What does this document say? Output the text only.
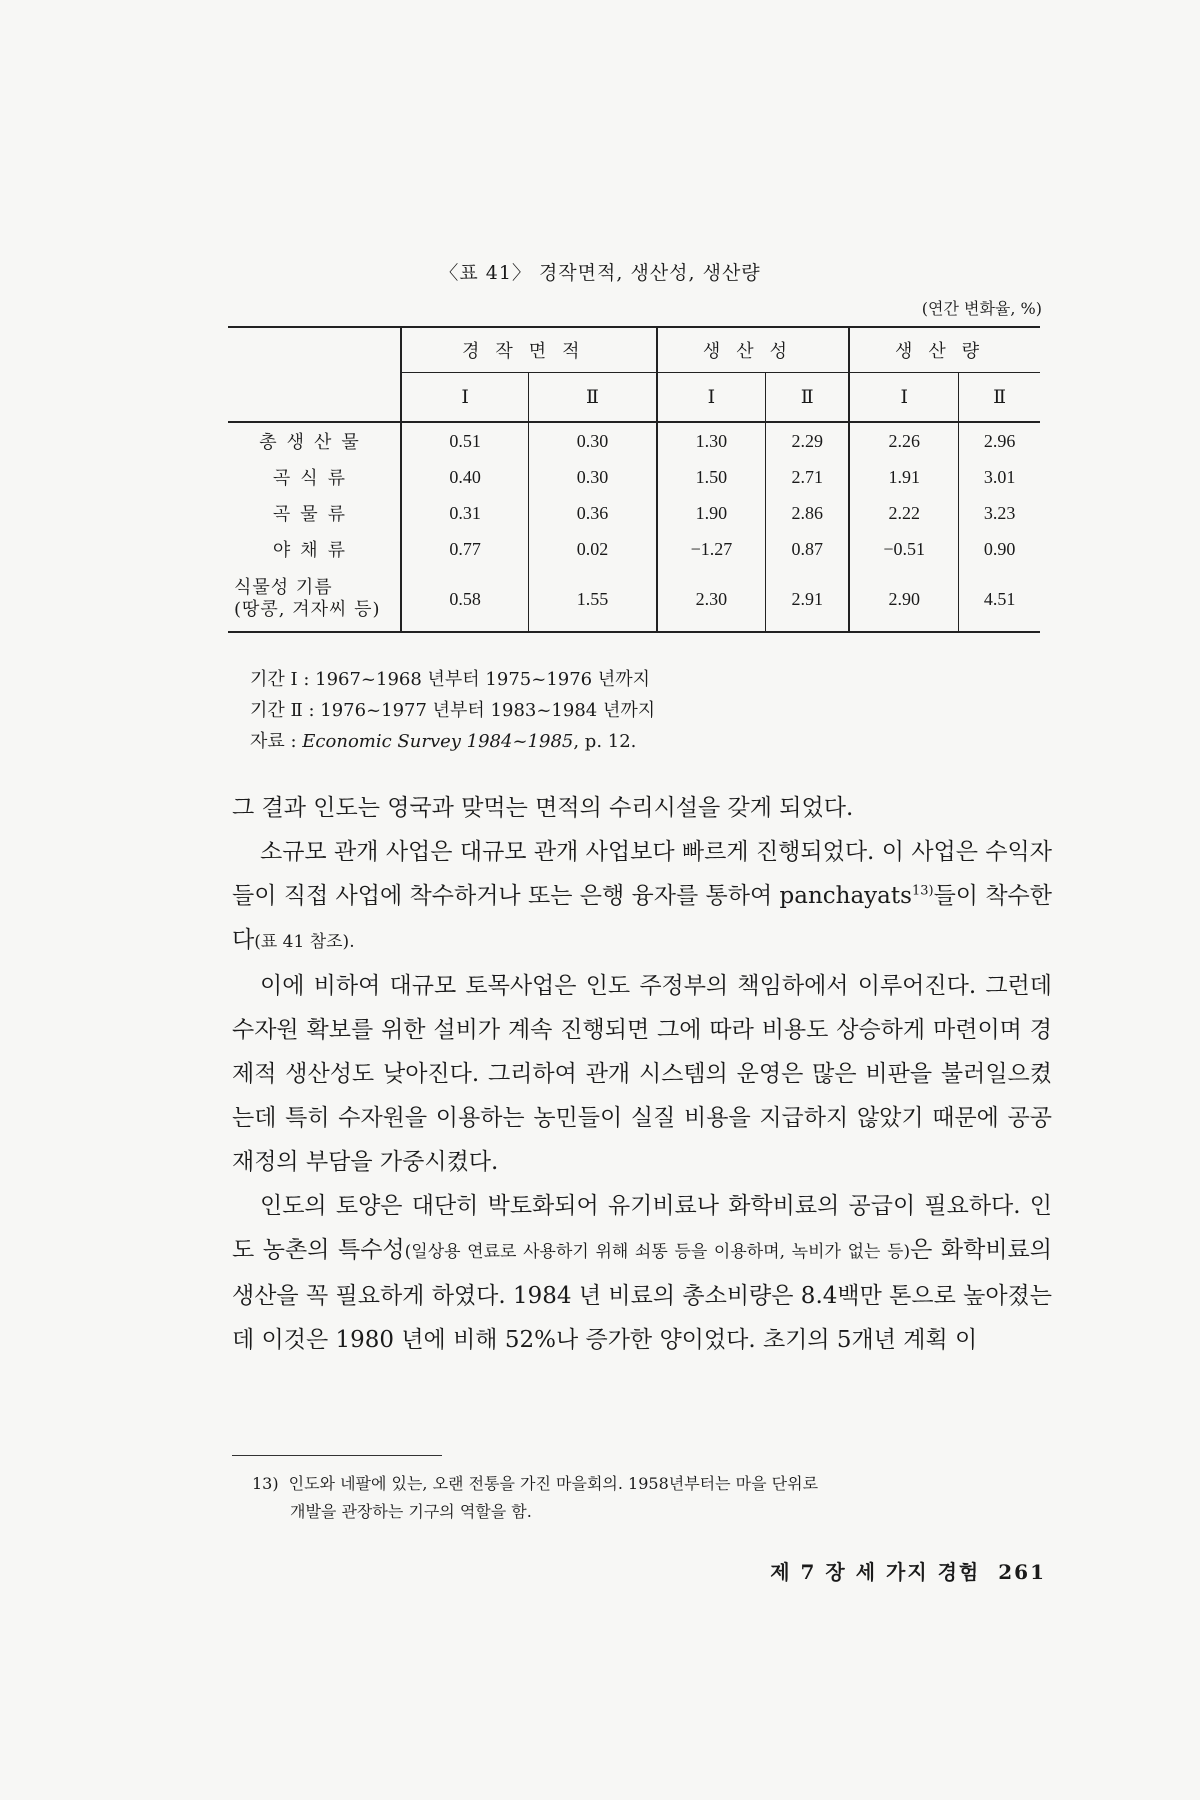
〈표 41〉 경작면적, 생산성, 생산량
(연간 변화율, %)
	경작면적		생산성		생산량	
	Ⅰ	Ⅱ	Ⅰ	Ⅱ	Ⅰ	Ⅱ
총생산물	0.51	0.30	1.30	2.29	2.26	2.96
곡식류	0.40	0.30	1.50	2.71	1.91	3.01
곡물류	0.31	0.36	1.90	2.86	2.22	3.23
야채류	0.77	0.02	−1.27	0.87	−0.51	0.90

식물성 기름
(땅콩, 겨자씨 등)	0.58	1.55	2.30	2.91	2.90	4.51
기간 Ⅰ : 1967~1968 년부터 1975~1976 년까지
기간 Ⅱ : 1976~1977 년부터 1983~1984 년까지
자료 : Economic Survey 1984~1985, p. 12.

그 결과 인도는 영국과 맞먹는 면적의 수리시설을 갖게 되었다.

소규모 관개 사업은 대규모 관개 사업보다 빠르게 진행되었다. 이 사업은 수익자들이 직접 사업에 착수하거나 또는 은행 융자를 통하여 panchayats$^{13)}$들이 착수한다(표 41 참조).

이에 비하여 대규모 토목사업은 인도 주정부의 책임하에서 이루어진다. 그런데 수자원 확보를 위한 설비가 계속 진행되면 그에 따라 비용도 상승하게 마련이며 경제적 생산성도 낮아진다. 그리하여 관개 시스템의 운영은 많은 비판을 불러일으켰는데 특히 수자원을 이용하는 농민들이 실질 비용을 지급하지 않았기 때문에 공공 재정의 부담을 가중시켰다.

인도의 토양은 대단히 박토화되어 유기비료나 화학비료의 공급이 필요하다. 인도 농촌의 특수성(일상용 연료로 사용하기 위해 쇠똥 등을 이용하며, 녹비가 없는 등)은 화학비료의 생산을 꼭 필요하게 하였다. 1984 년 비료의 총소비량은 8.4백만 톤으로 높아졌는데 이것은 1980 년에 비해 52%나 증가한 양이었다. 초기의 5개년 계획 이

13) 인도와 네팔에 있는, 오랜 전통을 가진 마을회의. 1958년부터는 마을 단위로
개발을 관장하는 기구의 역할을 함.
제 7 장 세 가지 경험 261
